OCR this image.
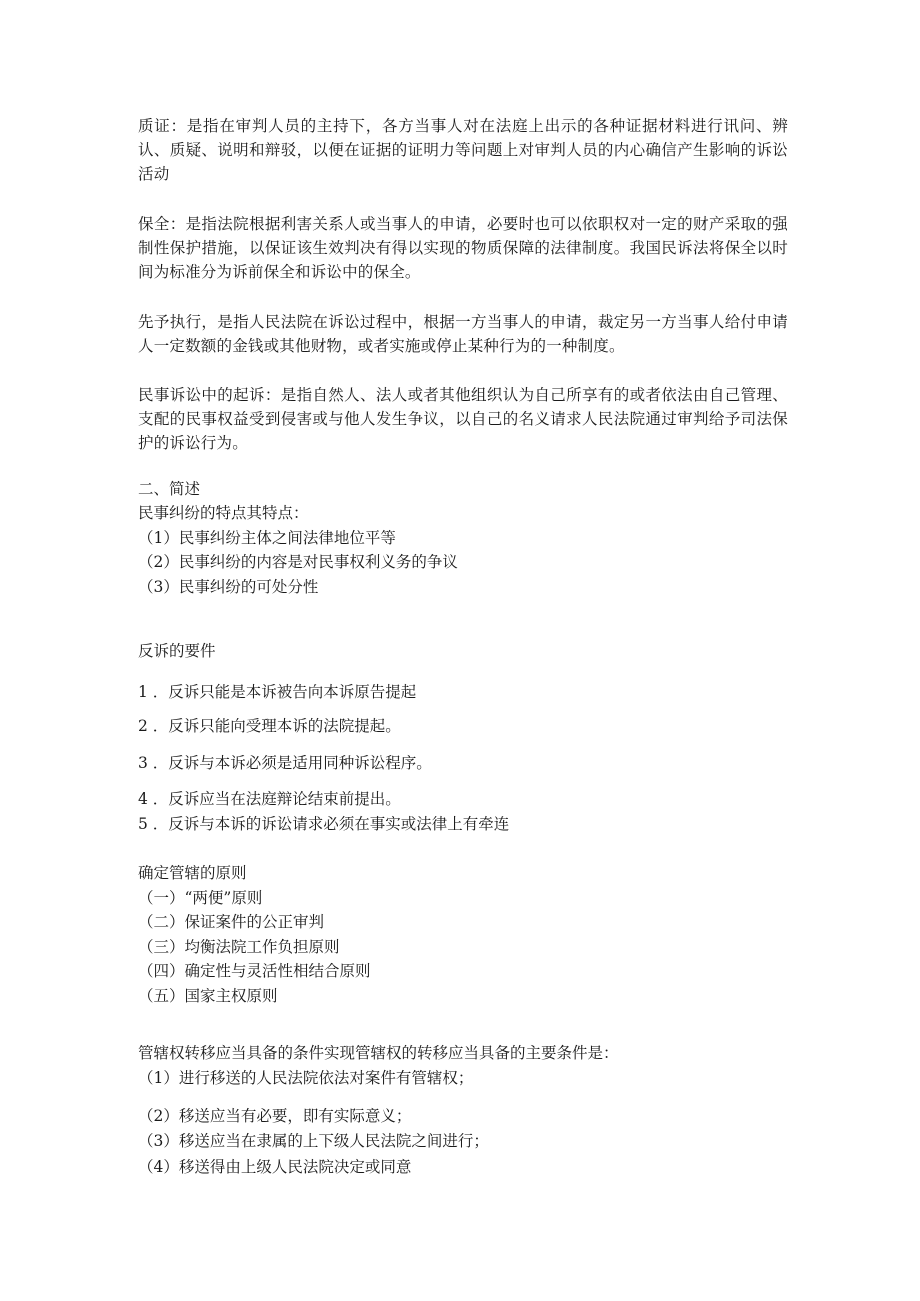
质证：是指在审判人员的主持下，各方当事人对在法庭上出示的各种证据材料进行讯问、辨认、质疑、说明和辩驳，以便在证据的证明力等问题上对审判人员的内心确信产生影响的诉讼活动

保全：是指法院根据利害关系人或当事人的申请，必要时也可以依职权对一定的财产采取的强制性保护措施，以保证该生效判决有得以实现的物质保障的法律制度。我国民诉法将保全以时间为标准分为诉前保全和诉讼中的保全。

先予执行，是指人民法院在诉讼过程中，根据一方当事人的申请，裁定另一方当事人给付申请人一定数额的金钱或其他财物，或者实施或停止某种行为的一种制度。

民事诉讼中的起诉：是指自然人、法人或者其他组织认为自己所享有的或者依法由自己管理、支配的民事权益受到侵害或与他人发生争议，以自己的名义请求人民法院通过审判给予司法保护的诉讼行为。

二、简述

民事纠纷的特点其特点：

（1）民事纠纷主体之间法律地位平等

（2）民事纠纷的内容是对民事权利义务的争议

（3）民事纠纷的可处分性

反诉的要件
1 ．反诉只能是本诉被告向本诉原告提起
2 ．反诉只能向受理本诉的法院提起。
3 ．反诉与本诉必须是适用同种诉讼程序。
4 ．反诉应当在法庭辩论结束前提出。
5 ．反诉与本诉的诉讼请求必须在事实或法律上有牵连

确定管辖的原则

（一）“两便”原则

（二）保证案件的公正审判

（三）均衡法院工作负担原则

（四）确定性与灵活性相结合原则

（五）国家主权原则

管辖权转移应当具备的条件实现管辖权的转移应当具备的主要条件是：
（1）进行移送的人民法院依法对案件有管辖权；
（2）移送应当有必要，即有实际意义；
（3）移送应当在隶属的上下级人民法院之间进行；
（4）移送得由上级人民法院决定或同意
